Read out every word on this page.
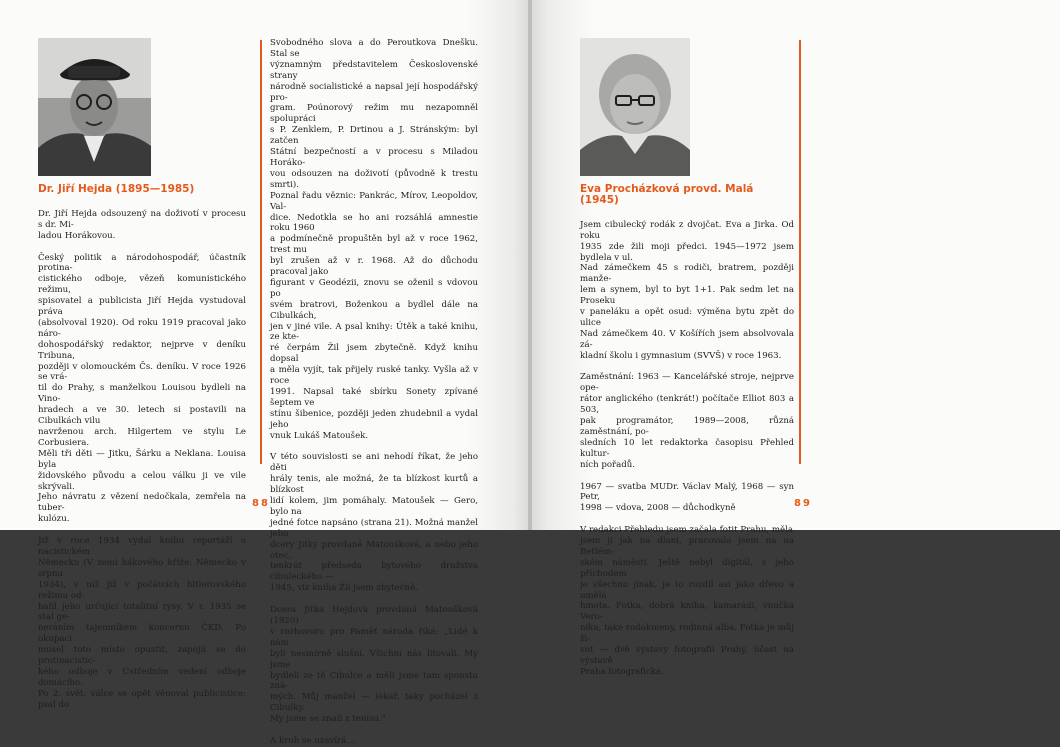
Dr. Jiří Hejda (1895—1985)

Dr. Jiří Hejda odsouzený na doživotí v procesu s dr. Mi-
ladou Horákovou.

Český politik a národohospodář, účastník protina-
cistického odboje, vězeň komunistického režimu,
spisovatel a publicista Jiří Hejda vystudoval práva
(absolvoval 1920). Od roku 1919 pracoval jako náro-
dohospodářský redaktor, nejprve v deníku Tribuna,
později v olomouckém Čs. deníku. V roce 1926 se vrá-
til do Prahy, s manželkou Louisou bydleli na Vino-
hradech a ve 30. letech si postavili na Cibulkách vilu
navrženou arch. Hilgertem ve stylu Le Corbusiera.
Měli tři děti — Jitku, Šárku a Neklana. Louisa byla
židovského původu a celou válku ji ve vile skrývali.
Jeho návratu z vězení nedočkala, zemřela na tuber-
kulózu.

Již v roce 1934 vydal knihu reportáží o nacistickém
Německu (V zemi hákového kříže: Německo v srpnu
1934), v níž již v počátcích hitlerovského režimu od-
halil jeho určující totalitní rysy. V r. 1935 se stal ge-
neráním tajemníkem koncernu ČKD. Po okupaci
musel toto místo opustit, zapojil se do protinacistic-
kého odboje v Ústředním vedení odboje domácího.
Po 2. svět. válce se opět věnoval publicistice: psal do

Svobodného slova a do Peroutkova Dnešku. Stal se
významným představitelem Československé strany
národně socialistické a napsal její hospodářský pro-
gram. Poúnorový režim mu nezapomněl spolupráci
s P. Zenklem, P. Drtinou a J. Stránským: byl zatčen
Státní bezpečností a v procesu s Miladou Horáko-
vou odsouzen na doživotí (původně k trestu smrti).
Poznal řadu věznic: Pankrác, Mírov, Leopoldov, Val-
dice. Nedotkla se ho ani rozsáhlá amnestie roku 1960
a podmínečně propuštěn byl až v roce 1962, trest mu
byl zrušen až v r. 1968. Až do důchodu pracoval jako
figurant v Geodézii, znovu se oženil s vdovou po
svém bratrovi, Boženkou a bydlel dále na Cibulkách,
jen v jiné vile. A psal knihy: Útěk a také knihu, ze kte-
ré čerpám Žil jsem zbytečně. Když knihu dopsal
a měla vyjít, tak přijely ruské tanky. Vyšla až v roce
1991. Napsal také sbírku Sonety zpívané šeptem ve
stínu šibenice, později jeden zhudebnil a vydal jeho
vnuk Lukáš Matoušek.

V této souvislosti se ani nehodí říkat, že jeho děti
hrály tenis, ale možná, že ta blízkost kurtů a blízkost
lidí kolem, jim pomáhaly. Matoušek — Gero, bylo na
jedné fotce napsáno (strana 21). Možná manžel jeho
dcery Jitky provdané Matoušková, a nebo jeho otec,
tenkrát předseda bytového družstva cibuleckého —
1945, viz kniha Žil jsem zbytečně.

Dcera Jitka Hejdová provdaná Matoušková (1920)
v rozhovoru pro Paměť národa říká: „Lidé k nám
byli nesmírně slušní. Všichni nás litovali. My jsme
bydleli ze tě Cibulce a měli jsme tam spoustu zná-
mých. Můj manžel — lékař, taky pocházel z Cibulky.
My jsme se znali z tenisu."

A kruh se uzavírá…

88
Eva Procházková provd. Malá (1945)

Jsem cibulecký rodák z dvojčat. Eva a Jirka. Od roku
1935 zde žili moji předci. 1945—1972 jsem bydlela v ul.
Nad zámečkem 45 s rodiči, bratrem, později manže-
lem a synem, byl to byt 1+1. Pak sedm let na Proseku
v paneláku a opět osud: výměna bytu zpět do ulice
Nad zámečkem 40. V Košířích jsem absolvovala zá-
kladní školu i gymnasium (SVVŠ) v roce 1963.

Zaměstnání: 1963 — Kancelářské stroje, nejprve ope-
rátor anglického (tenkrát!) počítače Elliot 803 a 503,
pak programátor, 1989—2008, různá zaměstnání, po-
sledních 10 let redaktorka časopisu Přehled kultur-
ních pořadů.

1967 — svatba MUDr. Václav Malý, 1968 — syn Petr,
1998 — vdova, 2008 — důchodkyně

V redakci Přehledu jsem začala fotit Prahu, měla
jsem ji jak na dlani, pracovala jsem na na Betlém-
ském náměstí. Ještě nebyl digitál, s jeho příchodem
je všechno jinak, je to rozdíl asi jako dřevo a umělá
hmota. Fotka, dobrá kniha, kamarádi, vnučka Vero-
nika, také rodokmeny, rodinná alba. Fotka je můj ži-
vot — dvě výstavy fotografií Prahy, účast na výstavě
Praha fotografická.

89
